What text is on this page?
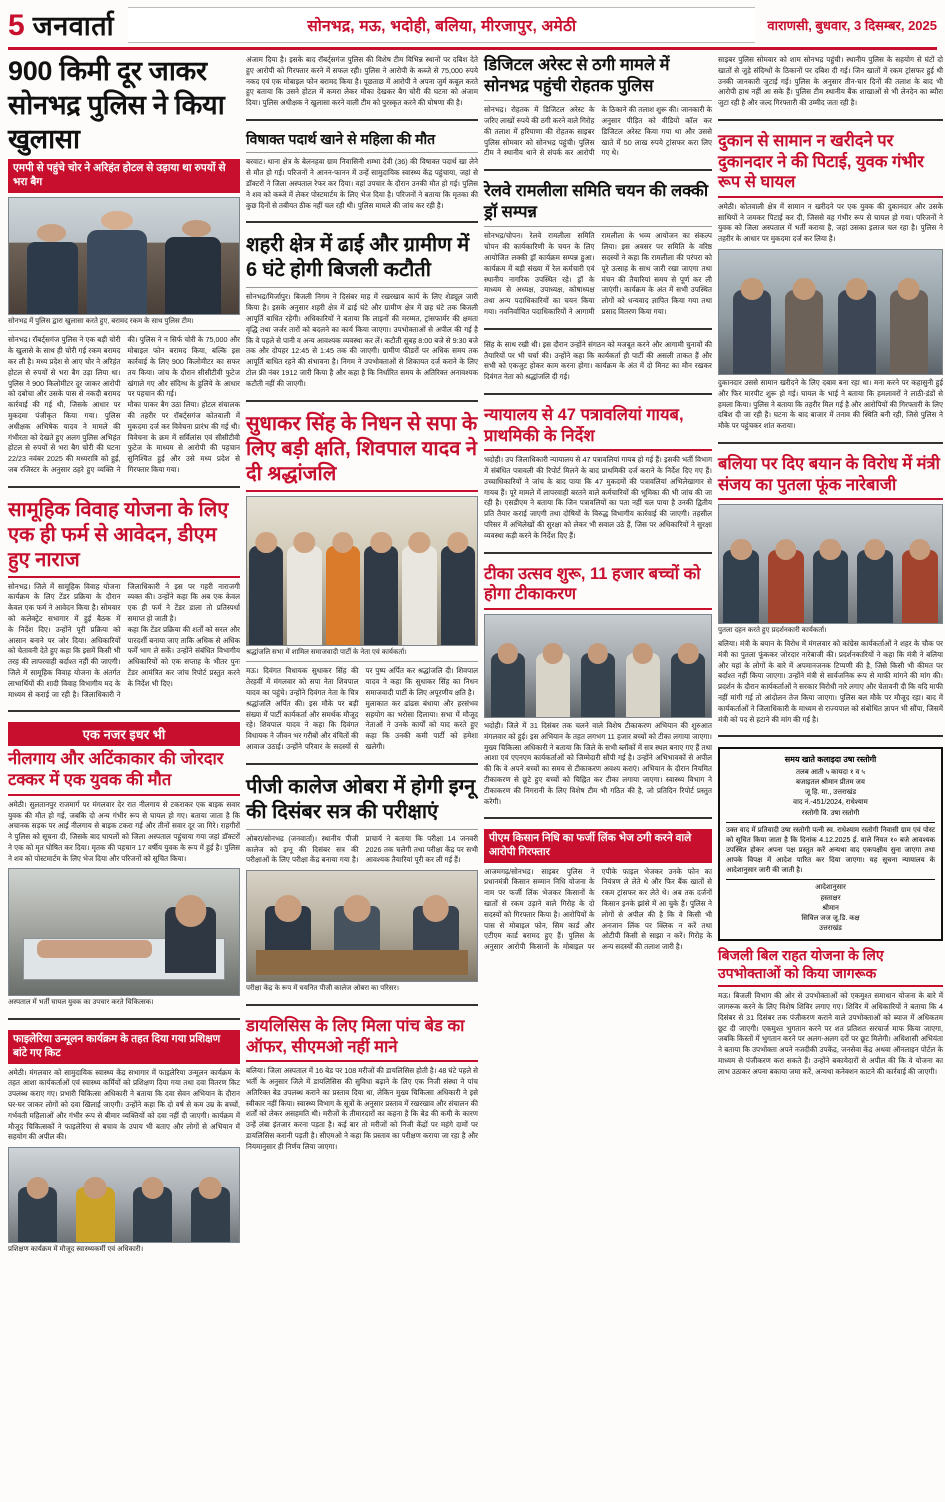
5 जनवार्ता	सोनभद्र, मऊ, भदोही, बलिया, मीरजापुर, अमेठी	वाराणसी, बुधवार, 3 दिसम्बर, 2025
900 किमी दूर जाकर सोनभद्र पुलिस ने किया खुलासा
एमपी से पहुंचे चोर ने अरिहंत होटल से उड़ाया था रुपयों से भरा बैग
सोनभद्र में पुलिस द्वारा खुलासा करते हुए, बरामद रकम के साथ पुलिस टीम।
सोनभद्र। रॉबर्ट्सगंज पुलिस ने एक बड़ी चोरी के खुलासे के साथ ही चोरी गई रकम बरामद कर ली है। मध्य प्रदेश से आए चोर ने अरिहंत होटल से रुपयों से भरा बैग उड़ा लिया था। पुलिस ने 900 किलोमीटर दूर जाकर आरोपी को दबोचा और उसके पास से नकदी बरामद की। पुलिस ने न सिर्फ चोरी के 75,000 और मोबाइल फोन बरामद किया, बल्कि इस कार्रवाई के लिए 900 किलोमीटर का सफर तय किया। जांच के दौरान सीसीटीवी फुटेज खंगाले गए और संदिग्ध के हुलिये के आधार पर पहचान की गई।
कार्रवाई की गई थी, जिसके आधार पर मुकदमा पंजीकृत किया गया। पुलिस अधीक्षक अभिषेक यादव ने मामले की गंभीरता को देखते हुए अलग पुलिस अभिहंत होटल से रुपयों से भरा बैग चोरी की घटना 22/23 नवंबर 2025 की मध्यरात्रि को हुई, जब रजिस्टर के अनुसार ठहरे हुए व्यक्ति ने मौका पाकर बैग उठा लिया। होटल संचालक की तहरीर पर रॉबर्ट्सगंज कोतवाली में मुकदमा दर्ज कर विवेचना प्रारंभ की गई थी। विवेचना के क्रम में सर्विलांस एवं सीसीटीवी फुटेज के माध्यम से आरोपी की पहचान सुनिश्चित हुई और उसे मध्य प्रदेश से गिरफ्तार किया गया।
सामूहिक विवाह योजना के लिए एक ही फर्म से आवेदन, डीएम हुए नाराज
सोनभद्र। जिले में सामूहिक विवाह योजना कार्यक्रम के लिए टेंडर प्रक्रिया के दौरान केवल एक फर्म ने आवेदन किया है। सोमवार को कलेक्ट्रेट सभागार में हुई बैठक में जिलाधिकारी ने इस पर गहरी नाराजगी व्यक्त की। उन्होंने कहा कि अब एक केवल एक ही फर्म ने टेंडर डाला तो प्रतिस्पर्धा समाप्त हो जाती है।
के निर्देश दिए। उन्होंने पूरी प्रक्रिया को आसान बनाने पर जोर दिया। अधिकारियों को चेतावनी देते हुए कहा कि इसमें किसी भी तरह की लापरवाही बर्दाश्त नहीं की जाएगी। जिले में सामूहिक विवाह योजना के अंतर्गत लाभार्थियों की शादी विवाह विभागीय मद के माध्यम से कराई जा रही है। जिलाधिकारी ने कहा कि टेंडर प्रक्रिया की शर्तों को सरल और पारदर्शी बनाया जाए ताकि अधिक से अधिक फर्में भाग ले सकें। उन्होंने संबंधित विभागीय अधिकारियों को एक सप्ताह के भीतर पुनः टेंडर आमंत्रित कर जांच रिपोर्ट प्रस्तुत करने के निर्देश भी दिए।
एक नजर इधर भी
नीलगाय और अटिंकाकार की जोरदार टक्कर में एक युवक की मौत
अमेठी। सुलतानपुर राजमार्ग पर मंगलवार देर रात नीलगाय से टकराकर एक बाइक सवार युवक की मौत हो गई, जबकि दो अन्य गंभीर रूप से घायल हो गए। बताया जाता है कि अचानक सड़क पर आई नीलगाय से बाइक टकरा गई और तीनों सवार दूर जा गिरे। राहगीरों ने पुलिस को सूचना दी, जिसके बाद घायलों को जिला अस्पताल पहुंचाया गया जहां डॉक्टरों ने एक को मृत घोषित कर दिया। मृतक की पहचान 17 वर्षीय युवक के रूप में हुई है। पुलिस ने शव को पोस्टमार्टम के लिए भेज दिया और परिजनों को सूचित किया।
अस्पताल में भर्ती घायल युवक का उपचार करते चिकित्सक।
फाइलेरिया उन्मूलन कार्यक्रम के तहत दिया गया प्रशिक्षण बांटे गए किट
अमेठी। मंगलवार को सामुदायिक स्वास्थ्य केंद्र सभागार में फाइलेरिया उन्मूलन कार्यक्रम के तहत आशा कार्यकर्ताओं एवं स्वास्थ्य कर्मियों को प्रशिक्षण दिया गया तथा दवा वितरण किट उपलब्ध कराए गए। प्रभारी चिकित्सा अधिकारी ने बताया कि दवा सेवन अभियान के दौरान घर-घर जाकर लोगों को दवा खिलाई जाएगी। उन्होंने कहा कि दो वर्ष से कम उम्र के बच्चों, गर्भवती महिलाओं और गंभीर रूप से बीमार व्यक्तियों को दवा नहीं दी जाएगी। कार्यक्रम में मौजूद चिकित्सकों ने फाइलेरिया से बचाव के उपाय भी बताए और लोगों से अभियान में सहयोग की अपील की।
प्रशिक्षण कार्यक्रम में मौजूद स्वास्थ्यकर्मी एवं अधिकारी।
अंजाम दिया है। इसके बाद रॉबर्ट्सगंज पुलिस की विशेष टीम विभिन्न स्थानों पर दबिश देते हुए आरोपी को गिरफ्तार करने में सफल रही। पुलिस ने आरोपी के कब्जे से 75,000 रुपये नकद एवं एक मोबाइल फोन बरामद किया है। पूछताछ में आरोपी ने अपना जुर्म कबूल करते हुए बताया कि उसने होटल में कमरा लेकर मौका देखकर बैग चोरी की घटना को अंजाम दिया। पुलिस अधीक्षक ने खुलासा करने वाली टीम को पुरस्कृत करने की घोषणा की है।
विषाक्त पदार्थ खाने से महिला की मौत
बरवाट। थाना क्षेत्र के बेलनहवा ग्राम निवासिनी शम्भा देवी (36) की विषाक्त पदार्थ खा लेने से मौत हो गई। परिजनों ने आनन-फानन में उन्हें सामुदायिक स्वास्थ्य केंद्र पहुंचाया, जहां से डॉक्टरों ने जिला अस्पताल रेफर कर दिया। वहां उपचार के दौरान उनकी मौत हो गई। पुलिस ने शव को कब्जे में लेकर पोस्टमार्टम के लिए भेज दिया है। परिजनों ने बताया कि मृतका की कुछ दिनों से तबीयत ठीक नहीं चल रही थी। पुलिस मामले की जांच कर रही है।
शहरी क्षेत्र में ढाई और ग्रामीण में 6 घंटे होगी बिजली कटौती
सोनभद्र/मिर्जापुर। बिजली निगम ने दिसंबर माह में रखरखाव कार्य के लिए शेड्यूल जारी किया है। इसके अनुसार शहरी क्षेत्र में ढाई घंटे और ग्रामीण क्षेत्र में छह घंटे तक बिजली आपूर्ति बाधित रहेगी। अधिकारियों ने बताया कि लाइनों की मरम्मत, ट्रांसफार्मर की क्षमता वृद्धि तथा जर्जर तारों को बदलने का कार्य किया जाएगा। उपभोक्ताओं से अपील की गई है कि वे पहले से पानी व अन्य आवश्यक व्यवस्था कर लें। कटौती सुबह 8:00 बजे से 9:30 बजे तक और दोपहर 12:45 से 1:45 तक की जाएगी। ग्रामीण फीडरों पर अधिक समय तक आपूर्ति बाधित रहने की संभावना है। निगम ने उपभोक्ताओं से शिकायत दर्ज कराने के लिए टोल फ्री नंबर 1912 जारी किया है और कहा है कि निर्धारित समय के अतिरिक्त अनावश्यक कटौती नहीं की जाएगी।
सुधाकर सिंह के निधन से सपा के लिए बड़ी क्षति, शिवपाल यादव ने दी श्रद्धांजलि
श्रद्धांजलि सभा में शामिल समाजवादी पार्टी के नेता एवं कार्यकर्ता।
मऊ। दिवंगत विधायक सुधाकर सिंह की तेरहवीं में मंगलवार को सपा नेता शिवपाल यादव का पहुंचे। उन्होंने दिवंगत नेता के चित्र पर पुष्प अर्पित कर श्रद्धांजलि दी। शिवपाल यादव ने कहा कि सुधाकर सिंह का निधन समाजवादी पार्टी के लिए अपूरणीय क्षति है।
श्रद्धांजलि अर्पित की। इस मौके पर बड़ी संख्या में पार्टी कार्यकर्ता और समर्थक मौजूद रहे। शिवपाल यादव ने कहा कि दिवंगत विधायक ने जीवन भर गरीबों और वंचितों की आवाज उठाई। उन्होंने परिवार के सदस्यों से मुलाकात कर ढांढस बंधाया और हरसंभव सहयोग का भरोसा दिलाया। सभा में मौजूद नेताओं ने उनके कार्यों को याद करते हुए कहा कि उनकी कमी पार्टी को हमेशा खलेगी।
पीजी कालेज ओबरा में होगी इग्नू की दिसंबर सत्र की परीक्षाएं
ओबरा/सोनभद्र (जनवार्ता)। स्थानीय पीजी कालेज को इग्नू की दिसंबर सत्र की परीक्षाओं के लिए परीक्षा केंद्र बनाया गया है। प्राचार्य ने बताया कि परीक्षा 14 जनवरी 2026 तक चलेगी तथा परीक्षा केंद्र पर सभी आवश्यक तैयारियां पूरी कर ली गई हैं।
परीक्षा केंद्र के रूप में चयनित पीजी कालेज ओबरा का परिसर।
डायलिसिस के लिए मिला पांच बेड का ऑफर, सीएमओ नहीं माने
बलिया। जिला अस्पताल में 16 बेड पर 108 मरीजों की डायलिसिस होती है। 48 घंटे पहले से भर्ती के अनुसार जिले में डायलिसिस की सुविधा बढ़ाने के लिए एक निजी संस्था ने पांच अतिरिक्त बेड उपलब्ध कराने का प्रस्ताव दिया था, लेकिन मुख्य चिकित्सा अधिकारी ने इसे स्वीकार नहीं किया। स्वास्थ्य विभाग के सूत्रों के अनुसार प्रस्ताव में रखरखाव और संचालन की शर्तों को लेकर असहमति थी। मरीजों के तीमारदारों का कहना है कि बेड की कमी के कारण उन्हें लंबा इंतजार करना पड़ता है। कई बार तो मरीजों को निजी केंद्रों पर महंगे दामों पर डायलिसिस करानी पड़ती है। सीएमओ ने कहा कि प्रस्ताव का परीक्षण कराया जा रहा है और नियमानुसार ही निर्णय लिया जाएगा।
डिजिटल अरेस्ट से ठगी मामले में सोनभद्र पहुंची रोहतक पुलिस
सोनभद्र। रोहतक में डिजिटल अरेस्ट के जरिए लाखों रुपये की ठगी करने वाले गिरोह की तलाश में हरियाणा की रोहतक साइबर पुलिस सोमवार को सोनभद्र पहुंची। पुलिस टीम ने स्थानीय थाने से संपर्क कर आरोपी के ठिकाने की तलाश शुरू की। जानकारी के अनुसार पीड़ित को वीडियो कॉल कर डिजिटल अरेस्ट किया गया था और उससे खाते में 50 लाख रुपये ट्रांसफर करा लिए गए थे।
रेलवे रामलीला समिति चयन की लक्की ड्रॉ सम्पन्न
सोनभद्र/चोपन। रेलवे रामलीला समिति चोपन की कार्यकारिणी के चयन के लिए आयोजित लक्की ड्रॉ कार्यक्रम सम्पन्न हुआ। कार्यक्रम में बड़ी संख्या में रेल कर्मचारी एवं स्थानीय नागरिक उपस्थित रहे। ड्रॉ के माध्यम से अध्यक्ष, उपाध्यक्ष, कोषाध्यक्ष तथा अन्य पदाधिकारियों का चयन किया गया। नवनिर्वाचित पदाधिकारियों ने आगामी रामलीला के भव्य आयोजन का संकल्प लिया। इस अवसर पर समिति के वरिष्ठ सदस्यों ने कहा कि रामलीला की परंपरा को पूरे उत्साह के साथ जारी रखा जाएगा तथा मंचन की तैयारियां समय से पूर्ण कर ली जाएंगी। कार्यक्रम के अंत में सभी उपस्थित लोगों को धन्यवाद ज्ञापित किया गया तथा प्रसाद वितरण किया गया।
सिंह के साथ रखी थी। इस दौरान उन्होंने संगठन को मजबूत करने और आगामी चुनावों की तैयारियों पर भी चर्चा की। उन्होंने कहा कि कार्यकर्ता ही पार्टी की असली ताकत हैं और सभी को एकजुट होकर काम करना होगा। कार्यक्रम के अंत में दो मिनट का मौन रखकर दिवंगत नेता को श्रद्धांजलि दी गई।
न्यायालय से 47 पत्रावलियां गायब, प्राथमिकी के निर्देश
भदोही। उप जिलाधिकारी न्यायालय से 47 पत्रावलियां गायब हो गई हैं। इसकी भर्ती विभाग में संबंधित पत्रावली की रिपोर्ट मिलने के बाद प्राथमिकी दर्ज कराने के निर्देश दिए गए हैं। उच्चाधिकारियों ने जांच के बाद पाया कि 47 मुकदमों की पत्रावलियां अभिलेखागार से गायब हैं। पूरे मामले में लापरवाही बरतने वाले कर्मचारियों की भूमिका की भी जांच की जा रही है। एसडीएम ने बताया कि जिन पत्रावलियों का पता नहीं चल पाया है उनकी द्वितीय प्रति तैयार कराई जाएगी तथा दोषियों के विरुद्ध विभागीय कार्रवाई की जाएगी। तहसील परिसर में अभिलेखों की सुरक्षा को लेकर भी सवाल उठे हैं, जिस पर अधिकारियों ने सुरक्षा व्यवस्था कड़ी करने के निर्देश दिए हैं।
टीका उत्सव शुरू, 11 हजार बच्चों को होगा टीकाकरण
भदोही। जिले में 31 दिसंबर तक चलने वाले विशेष टीकाकरण अभियान की शुरुआत मंगलवार को हुई। इस अभियान के तहत लगभग 11 हजार बच्चों को टीका लगाया जाएगा। मुख्य चिकित्सा अधिकारी ने बताया कि जिले के सभी ब्लॉकों में सत्र स्थल बनाए गए हैं तथा आशा एवं एएनएम कार्यकर्ताओं को जिम्मेदारी सौंपी गई है। उन्होंने अभिभावकों से अपील की कि वे अपने बच्चों का समय से टीकाकरण अवश्य कराएं। अभियान के दौरान नियमित टीकाकरण से छूटे हुए बच्चों को चिह्नित कर टीका लगाया जाएगा। स्वास्थ्य विभाग ने टीकाकरण की निगरानी के लिए विशेष टीम भी गठित की है, जो प्रतिदिन रिपोर्ट प्रस्तुत करेगी।
पीएम किसान निधि का फर्जी लिंक भेज ठगी करने वाले आरोपी गिरफ्तार
आजमगढ़/सोनभद्र। साइबर पुलिस ने प्रधानमंत्री किसान सम्मान निधि योजना के नाम पर फर्जी लिंक भेजकर किसानों के खातों से रकम उड़ाने वाले गिरोह के दो सदस्यों को गिरफ्तार किया है। आरोपियों के पास से मोबाइल फोन, सिम कार्ड और एटीएम कार्ड बरामद हुए हैं। पुलिस के अनुसार आरोपी किसानों के मोबाइल पर एपीके फाइल भेजकर उनके फोन का नियंत्रण ले लेते थे और फिर बैंक खातों से रकम ट्रांसफर कर लेते थे। अब तक दर्जनों किसान इनके झांसे में आ चुके हैं। पुलिस ने लोगों से अपील की है कि वे किसी भी अनजान लिंक पर क्लिक न करें तथा ओटीपी किसी से साझा न करें। गिरोह के अन्य सदस्यों की तलाश जारी है।
साइबर पुलिस सोमवार को शाम सोनभद्र पहुंची। स्थानीय पुलिस के सहयोग से घंटों दो खातों से जुड़े संदिग्धों के ठिकानों पर दबिश दी गई। जिन खातों में रकम ट्रांसफर हुई थी उनकी जानकारी जुटाई गई। पुलिस के अनुसार तीन-चार दिनों की तलाश के बाद भी आरोपी हाथ नहीं आ सके हैं। पुलिस टीम स्थानीय बैंक शाखाओं से भी लेनदेन का ब्यौरा जुटा रही है और जल्द गिरफ्तारी की उम्मीद जता रही है।
दुकान से सामान न खरीदने पर दुकानदार ने की पिटाई, युवक गंभीर रूप से घायल
अमेठी। कोतवाली क्षेत्र में सामान न खरीदने पर एक युवक की दुकानदार और उसके साथियों ने जमकर पिटाई कर दी, जिससे वह गंभीर रूप से घायल हो गया। परिजनों ने युवक को जिला अस्पताल में भर्ती कराया है, जहां उसका इलाज चल रहा है। पुलिस ने तहरीर के आधार पर मुकदमा दर्ज कर लिया है।
दुकानदार उससे सामान खरीदने के लिए दबाव बना रहा था। मना करने पर कहासुनी हुई और फिर मारपीट शुरू हो गई। घायल के भाई ने बताया कि हमलावरों ने लाठी-डंडों से हमला किया। पुलिस ने बताया कि तहरीर मिल गई है और आरोपियों की गिरफ्तारी के लिए दबिश दी जा रही है। घटना के बाद बाजार में तनाव की स्थिति बनी रही, जिसे पुलिस ने मौके पर पहुंचकर शांत कराया।
बलिया पर दिए बयान के विरोध में मंत्री संजय का पुतला फूंक नारेबाजी
पुतला दहन करते हुए प्रदर्शनकारी कार्यकर्ता।
बलिया। मंत्री के बयान के विरोध में मंगलवार को कांग्रेस कार्यकर्ताओं ने शहर के चौक पर मंत्री का पुतला फूंककर जोरदार नारेबाजी की। प्रदर्शनकारियों ने कहा कि मंत्री ने बलिया और यहां के लोगों के बारे में अपमानजनक टिप्पणी की है, जिसे किसी भी कीमत पर बर्दाश्त नहीं किया जाएगा। उन्होंने मंत्री से सार्वजनिक रूप से माफी मांगने की मांग की। प्रदर्शन के दौरान कार्यकर्ताओं ने सरकार विरोधी नारे लगाए और चेतावनी दी कि यदि माफी नहीं मांगी गई तो आंदोलन तेज किया जाएगा। पुलिस बल मौके पर मौजूद रहा। बाद में कार्यकर्ताओं ने जिलाधिकारी के माध्यम से राज्यपाल को संबोधित ज्ञापन भी सौंपा, जिसमें मंत्री को पद से हटाने की मांग की गई है।
समय खाते कलाइदा उषा रस्तोगी
तलब आती ५ कायदा १ व ५
बजाइतल श्रीमान प्रीतम जय
जू हि. मा., उत्तराखंड
वाद नं.-451/2024, राधेश्याम
रस्तोगी वि. उषा रस्तोगी
उक्त वाद में प्रतिवादी उषा रस्तोगी पत्नी स्व. राधेश्याम रस्तोगी निवासी ग्राम एवं पोस्ट को सूचित किया जाता है कि दिनांक 4.12.2025 ई. वाले नियत १० बजे आवश्यक उपस्थित होकर अपना पक्ष प्रस्तुत करें अन्यथा वाद एकपक्षीय सुना जाएगा तथा आपके विपक्ष में आदेश पारित कर दिया जाएगा। यह सूचना न्यायालय के आदेशानुसार जारी की जाती है।
आदेशानुसार
हस्ताक्षर
श्रीमान
सिविल जज जू.डि. कक्ष
उत्तराखंड
बिजली बिल राहत योजना के लिए उपभोक्ताओं को किया जागरूक
मऊ। बिजली विभाग की ओर से उपभोक्ताओं को एकमुश्त समाधान योजना के बारे में जागरूक करने के लिए विशेष शिविर लगाए गए। शिविर में अधिकारियों ने बताया कि 4 दिसंबर से 31 दिसंबर तक पंजीकरण कराने वाले उपभोक्ताओं को ब्याज में अधिकतम छूट दी जाएगी। एकमुश्त भुगतान करने पर शत प्रतिशत सरचार्ज माफ किया जाएगा, जबकि किस्तों में भुगतान करने पर अलग-अलग दरों पर छूट मिलेगी। अधिशासी अभियंता ने बताया कि उपभोक्ता अपने नजदीकी उपकेंद्र, जनसेवा केंद्र अथवा ऑनलाइन पोर्टल के माध्यम से पंजीकरण करा सकते हैं। उन्होंने बकायेदारों से अपील की कि वे योजना का लाभ उठाकर अपना बकाया जमा करें, अन्यथा कनेक्शन काटने की कार्रवाई की जाएगी।
